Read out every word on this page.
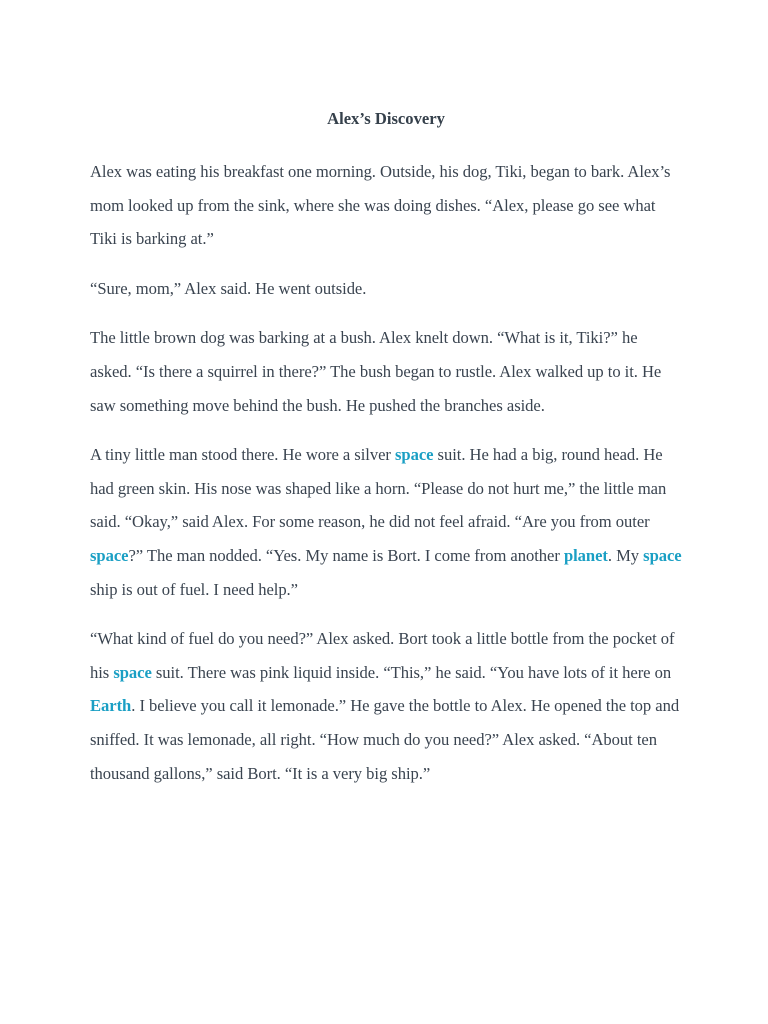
Alex’s Discovery

Alex was eating his breakfast one morning. Outside, his dog, Tiki, began to bark. Alex’s mom looked up from the sink, where she was doing dishes. “Alex, please go see what Tiki is barking at.”

“Sure, mom,” Alex said. He went outside.

The little brown dog was barking at a bush. Alex knelt down. “What is it, Tiki?” he asked. “Is there a squirrel in there?” The bush began to rustle. Alex walked up to it. He saw something move behind the bush. He pushed the branches aside.

A tiny little man stood there. He wore a silver space suit. He had a big, round head. He had green skin. His nose was shaped like a horn. “Please do not hurt me,” the little man said. “Okay,” said Alex. For some reason, he did not feel afraid. “Are you from outer space?” The man nodded. “Yes. My name is Bort. I come from another planet. My space ship is out of fuel. I need help.”

“What kind of fuel do you need?” Alex asked. Bort took a little bottle from the pocket of his space suit. There was pink liquid inside. “This,” he said. “You have lots of it here on Earth. I believe you call it lemonade.” He gave the bottle to Alex. He opened the top and sniffed. It was lemonade, all right. “How much do you need?” Alex asked. “About ten thousand gallons,” said Bort. “It is a very big ship.”
